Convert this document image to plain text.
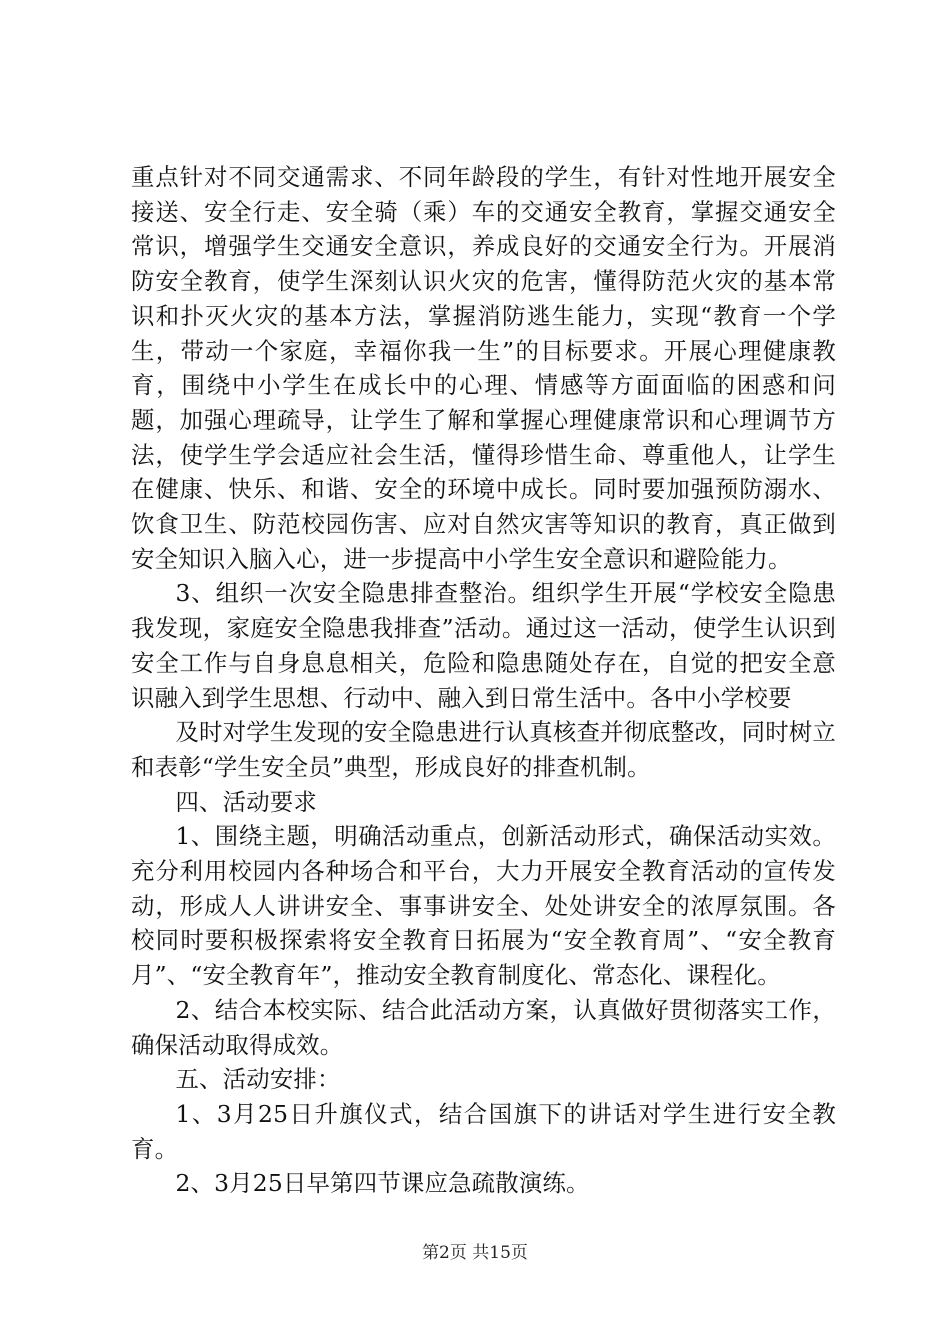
重点针对不同交通需求、不同年龄段的学生，有针对性地开展安全接送、安全行走、安全骑（乘）车的交通安全教育，掌握交通安全常识，增强学生交通安全意识，养成良好的交通安全行为。开展消防安全教育，使学生深刻认识火灾的危害，懂得防范火灾的基本常识和扑灭火灾的基本方法，掌握消防逃生能力，实现“教育一个学生，带动一个家庭，幸福你我一生”的目标要求。开展心理健康教育，围绕中小学生在成长中的心理、情感等方面面临的困惑和问题，加强心理疏导，让学生了解和掌握心理健康常识和心理调节方法，使学生学会适应社会生活，懂得珍惜生命、尊重他人，让学生在健康、快乐、和谐、安全的环境中成长。同时要加强预防溺水、饮食卫生、防范校园伤害、应对自然灾害等知识的教育，真正做到安全知识入脑入心，进一步提高中小学生安全意识和避险能力。

3、组织一次安全隐患排查整治。组织学生开展“学校安全隐患我发现，家庭安全隐患我排查”活动。通过这一活动，使学生认识到安全工作与自身息息相关，危险和隐患随处存在，自觉的把安全意识融入到学生思想、行动中、融入到日常生活中。各中小学校要

及时对学生发现的安全隐患进行认真核查并彻底整改，同时树立和表彰“学生安全员”典型，形成良好的排查机制。

四、活动要求

1、围绕主题，明确活动重点，创新活动形式，确保活动实效。充分利用校园内各种场合和平台，大力开展安全教育活动的宣传发动，形成人人讲讲安全、事事讲安全、处处讲安全的浓厚氛围。各校同时要积极探索将安全教育日拓展为“安全教育周”、“安全教育月”、“安全教育年”，推动安全教育制度化、常态化、课程化。

2、结合本校实际、结合此活动方案，认真做好贯彻落实工作，确保活动取得成效。

五、活动安排：

1、3月25日升旗仪式，结合国旗下的讲话对学生进行安全教育。

2、3月25日早第四节课应急疏散演练。

第2页 共15页
